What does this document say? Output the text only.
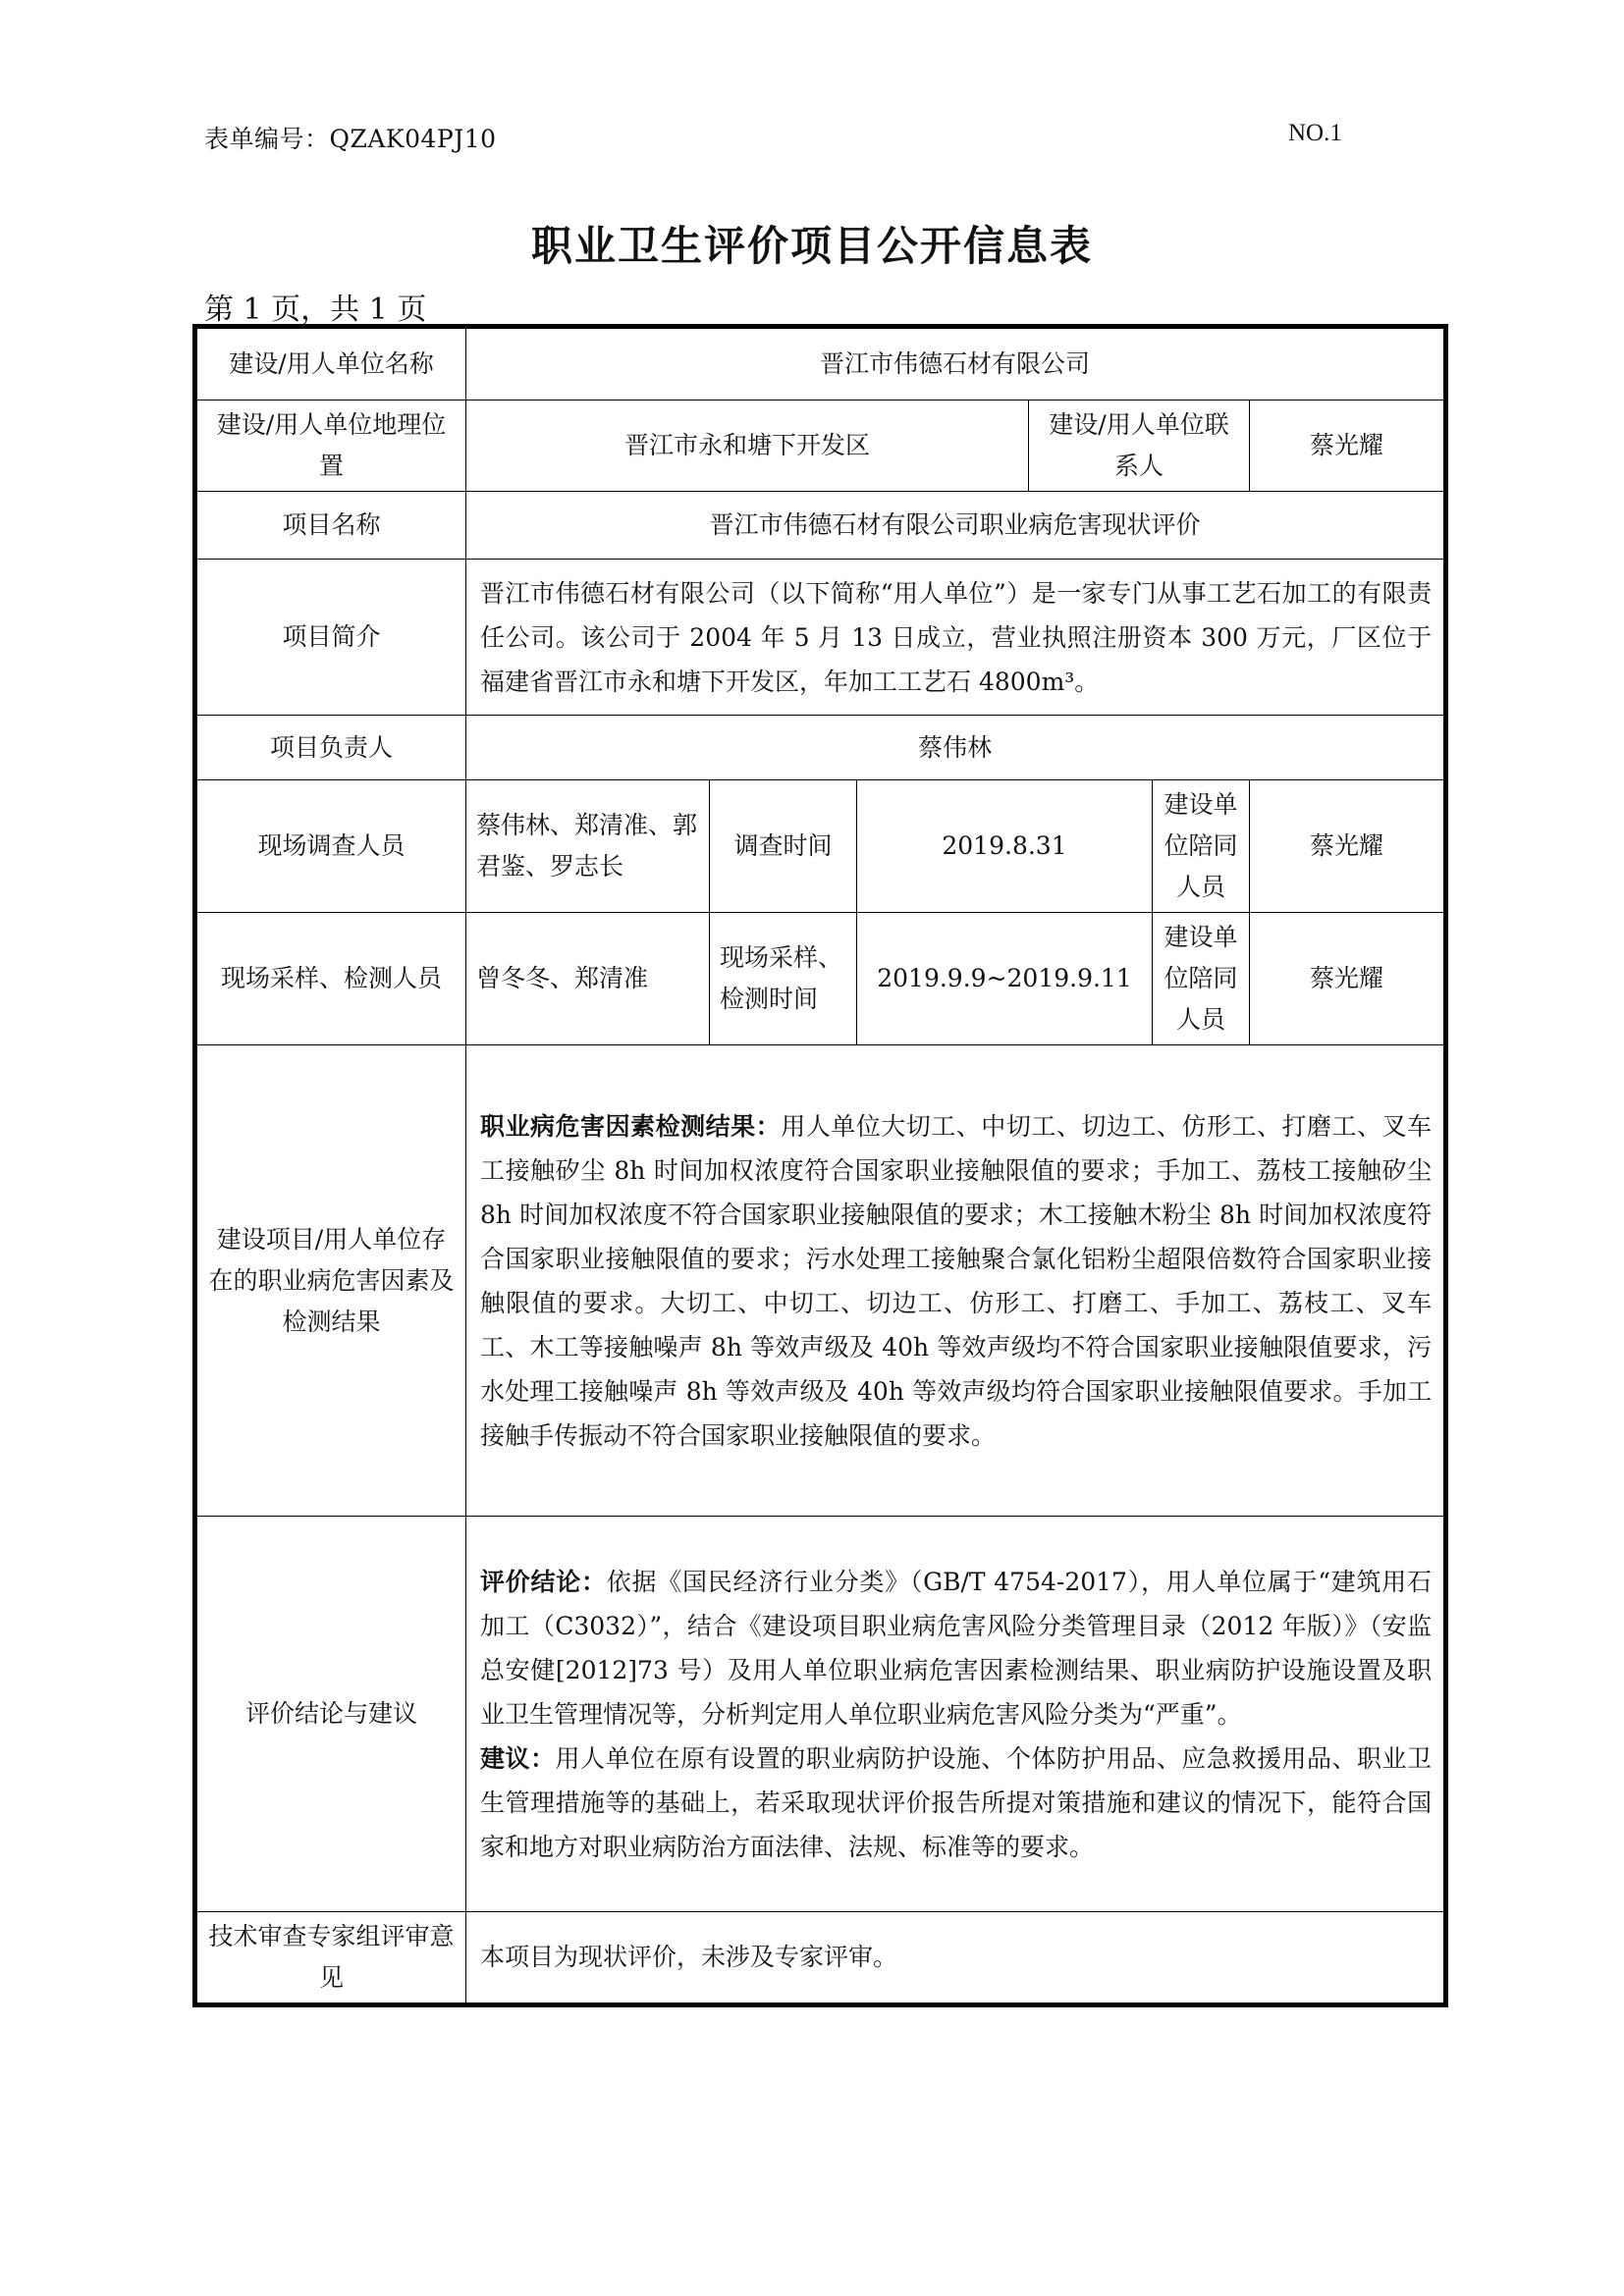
表单编号：QZAK04PJ10	NO.1
职业卫生评价项目公开信息表
第 1 页，共 1 页
建设/用人单位名称	晋江市伟德石材有限公司					
建设/用人单位地理位置	晋江市永和塘下开发区			建设/用人单位联系人		蔡光耀
项目名称	晋江市伟德石材有限公司职业病危害现状评价					
项目简介	晋江市伟德石材有限公司（以下简称“用人单位”）是一家专门从事工艺石加工的有限责任公司。该公司于 2004 年 5 月 13 日成立，营业执照注册资本 300 万元，厂区位于福建省晋江市永和塘下开发区，年加工工艺石 4800m³。					
项目负责人	蔡伟林					
现场调查人员	蔡伟林、郑清准、郭君鉴、罗志长	调查时间	2019.8.31		建设单位陪同人员	蔡光耀
现场采样、检测人员	曾冬冬、郑清准	现场采样、检测时间	2019.9.9~2019.9.11		建设单位陪同人员	蔡光耀
建设项目/用人单位存在的职业病危害因素及检测结果	职业病危害因素检测结果：用人单位大切工、中切工、切边工、仿形工、打磨工、叉车工接触矽尘 8h 时间加权浓度符合国家职业接触限值的要求；手加工、荔枝工接触矽尘 8h 时间加权浓度不符合国家职业接触限值的要求；木工接触木粉尘 8h 时间加权浓度符合国家职业接触限值的要求；污水处理工接触聚合氯化铝粉尘超限倍数符合国家职业接触限值的要求。大切工、中切工、切边工、仿形工、打磨工、手加工、荔枝工、叉车工、木工等接触噪声 8h 等效声级及 40h 等效声级均不符合国家职业接触限值要求，污水处理工接触噪声 8h 等效声级及 40h 等效声级均符合国家职业接触限值要求。手加工接触手传振动不符合国家职业接触限值的要求。					
评价结论与建议	评价结论：依据《国民经济行业分类》（GB/T 4754-2017），用人单位属于“建筑用石加工（C3032）”，结合《建设项目职业病危害风险分类管理目录（2012 年版）》（安监总安健[2012]73 号）及用人单位职业病危害因素检测结果、职业病防护设施设置及职业卫生管理情况等，分析判定用人单位职业病危害风险分类为“严重”。
建议：用人单位在原有设置的职业病防护设施、个体防护用品、应急救援用品、职业卫生管理措施等的基础上，若采取现状评价报告所提对策措施和建议的情况下，能符合国家和地方对职业病防治方面法律、法规、标准等的要求。					

技术审查专家组评审意见	本项目为现状评价，未涉及专家评审。					
